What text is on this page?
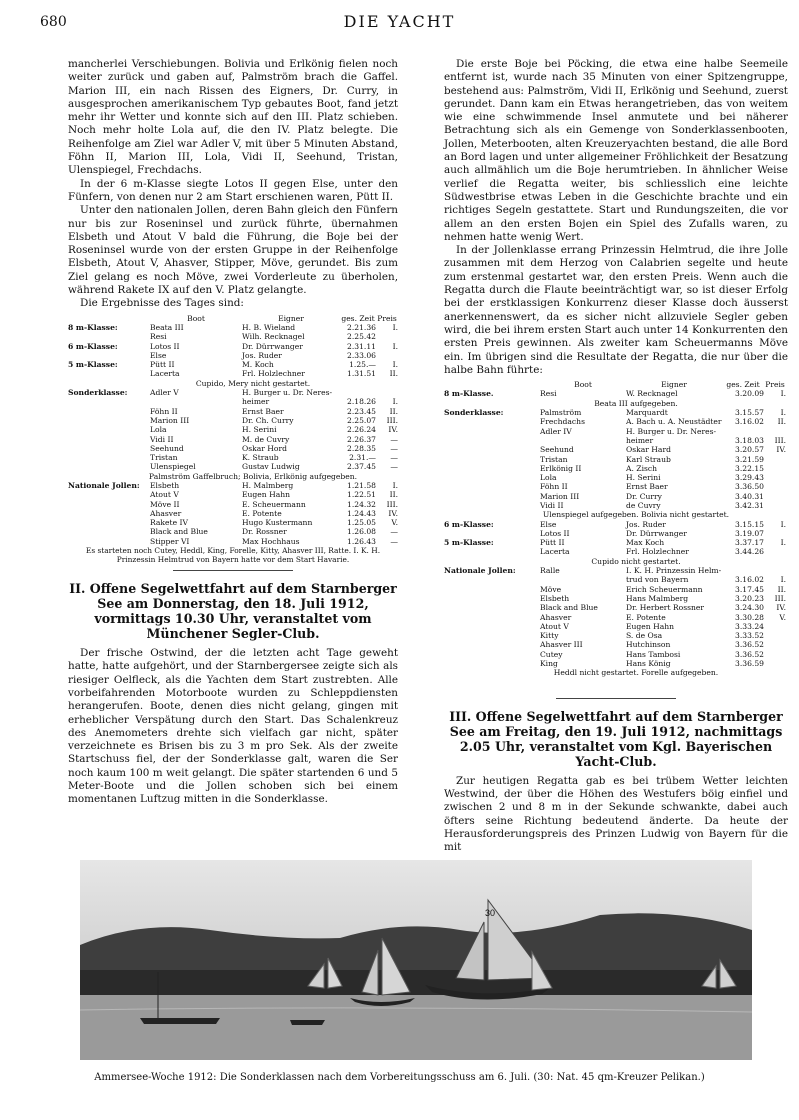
680	DIE YACHT

mancherlei Verschiebungen. Bolivia und Erlkönig fielen noch weiter zurück und gaben auf, Palmström brach die Gaffel. Marion III, ein nach Rissen des Eigners, Dr. Curry, in ausgesprochen amerikanischem Typ gebautes Boot, fand jetzt mehr ihr Wetter und konnte sich auf den III. Platz schieben. Noch mehr holte Lola auf, die den IV. Platz belegte. Die Reihenfolge am Ziel war Adler V, mit über 5 Minuten Abstand, Föhn II, Marion III, Lola, Vidi II, Seehund, Tristan, Ulenspiegel, Frechdachs.

In der 6 m-Klasse siegte Lotos II gegen Else, unter den Fünfern, von denen nur 2 am Start erschienen waren, Pütt II.

Unter den nationalen Jollen, deren Bahn gleich den Fünfern nur bis zur Roseninsel und zurück führte, übernahmen Elsbeth und Atout V bald die Führung, die Boje bei der Roseninsel wurde von der ersten Gruppe in der Reihenfolge Elsbeth, Atout V, Ahasver, Stipper, Möve, gerundet. Bis zum Ziel gelang es noch Möve, zwei Vorderleute zu überholen, während Rakete IX auf den V. Platz gelangte.

Die Ergebnisse des Tages sind:

Boot	Eigner	ges. Zeit Preis
8 m-Klasse:	Beata III	H. B. Wieland	2.21.36	I.
Resi	Wilh. Recknagel	2.25.42
6 m-Klasse:	Lotos II	Dr. Dürrwanger	2.31.11	I.
Else	Jos. Ruder	2.33.06
5 m-Klasse:	Pütt II	M. Koch	1.25.—	I.
Lacerta	Frl. Holzlechner	1.31.51	II.
Cupido, Mery nicht gestartet.
Sonderklasse:	Adler V	H. Burger u. Dr. Neres-
heimer	2.18.26	I.
Föhn II	Ernst Baer	2.23.45	II.
Marion III	Dr. Ch. Curry	2.25.07	III.
Lola	H. Serini	2.26.24	IV.
Vidi II	M. de Cuvry	2.26.37	—
Seehund	Oskar Hord	2.28.35	—
Tristan	K. Straub	2.31.—	—
Ulenspiegel	Gustav Ludwig	2.37.45	—
Palmström Gaffelbruch; Bolivia, Erlkönig aufgegeben.
Nationale Jollen:	Elsbeth	H. Malmberg	1.21.58	I.
Atout V	Eugen Hahn	1.22.51	II.
Möve II	E. Scheuermann	1.24.32	III.
Ahasver	E. Potente	1.24.43	IV.
Rakete IV	Hugo Kustermann	1.25.05	V.
Black and Blue	Dr. Rossner	1.26.08	—
Stipper VI	Max Hochhaus	1.26.43	—
Es starteten noch Cutey, Heddl, King, Forelle, Kitty, Ahasver III, Ratte. I. K. H. Prinzessin Helmtrud von Bayern hatte vor dem Start Havarie.
II. Offene Segelwettfahrt auf dem Starnberger See am Donnerstag, den 18. Juli 1912, vormittags 10.30 Uhr, veranstaltet vom Münchener Segler-Club.

Der frische Ostwind, der die letzten acht Tage geweht hatte, hatte aufgehört, und der Starnbergersee zeigte sich als riesiger Oelfleck, als die Yachten dem Start zustrebten. Alle vorbeifahrenden Motorboote wurden zu Schleppdiensten herangerufen. Boote, denen dies nicht gelang, gingen mit erheblicher Verspätung durch den Start. Das Schalenkreuz des Anemometers drehte sich vielfach gar nicht, später verzeichnete es Brisen bis zu 3 m pro Sek. Als der zweite Startschuss fiel, der der Sonderklasse galt, waren die Ser noch kaum 100 m weit gelangt. Die später startenden 6 und 5 Meter-Boote und die Jollen schoben sich bei einem momentanen Luftzug mitten in die Sonderklasse.

Die erste Boje bei Pöcking, die etwa eine halbe Seemeile entfernt ist, wurde nach 35 Minuten von einer Spitzengruppe, bestehend aus: Palmström, Vidi II, Erlkönig und Seehund, zuerst gerundet. Dann kam ein Etwas herangetrieben, das von weitem wie eine schwimmende Insel anmutete und bei näherer Betrachtung sich als ein Gemenge von Sonderklassenbooten, Jollen, Meterbooten, alten Kreuzeryachten bestand, die alle Bord an Bord lagen und unter allgemeiner Fröhlichkeit der Besatzung auch allmählich um die Boje herumtrieben. In ähnlicher Weise verlief die Regatta weiter, bis schliesslich eine leichte Südwestbrise etwas Leben in die Geschichte brachte und ein richtiges Segeln gestattete. Start und Rundungszeiten, die vor allem an den ersten Bojen ein Spiel des Zufalls waren, zu nehmen hatte wenig Wert.

In der Jollenklasse errang Prinzessin Helmtrud, die ihre Jolle zusammen mit dem Herzog von Calabrien segelte und heute zum erstenmal gestartet war, den ersten Preis. Wenn auch die Regatta durch die Flaute beeinträchtigt war, so ist dieser Erfolg bei der erstklassigen Konkurrenz dieser Klasse doch äusserst anerkennenswert, da es sicher nicht allzuviele Segler geben wird, die bei ihrem ersten Start auch unter 14 Konkurrenten den ersten Preis gewinnen. Als zweiter kam Scheuermanns Möve ein. Im übrigen sind die Resultate der Regatta, die nur über die halbe Bahn führte:

Boot	Eigner	ges. Zeit Preis
8 m-Klasse.	Resi	W. Recknagel	3.20.09	I.
Beata III aufgegeben.
Sonderklasse:	Palmström	Marquardt	3.15.57	I.
Frechdachs	A. Bach u. A. Neustädter	3.16.02	II.
Adler IV	H. Burger u. Dr. Neres-
heimer	3.18.03	III.
Seehund	Oskar Hard	3.20.57	IV.
Tristan	Karl Straub	3.21.59
Erlkönig II	A. Zisch	3.22.15
Lola	H. Serini	3.29.43
Föhn II	Ernst Baer	3.36.50
Marion III	Dr. Curry	3.40.31
Vidi II	de Cuvry	3.42.31
Ulenspiegel aufgegeben. Bolivia nicht gestartet.
6 m-Klasse:	Else	Jos. Ruder	3.15.15	I.
Lotos II	Dr. Dürrwanger	3.19.07
5 m-Klasse:	Pütt II	Max Koch	3.37.17	I.
Lacerta	Frl. Holzlechner	3.44.26
Cupido nicht gestartet.
Nationale Jollen:	Ralle	I. K. H. Prinzessin Helm-
trud von Bayern	3.16.02	I.
Möve	Erich Scheuermann	3.17.45	II.
Elsbeth	Hans Malmberg	3.20.23	III.
Black and Blue	Dr. Herbert Rossner	3.24.30	IV.
Ahasver	E. Potente	3.30.28	V.
Atout V	Eugen Hahn	3.33.24
Kitty	S. de Osa	3.33.52
Ahasver III	Hutchinson	3.36.52
Cutey	Hans Tambosi	3.36.52
King	Hans König	3.36.59
Heddl nicht gestartet. Forelle aufgegeben.
III. Offene Segelwettfahrt auf dem Starnberger See am Freitag, den 19. Juli 1912, nachmittags 2.05 Uhr, veranstaltet vom Kgl. Bayerischen Yacht-Club.

Zur heutigen Regatta gab es bei trübem Wetter leichten Westwind, der über die Höhen des Westufers böig einfiel und zwischen 2 und 8 m in der Sekunde schwankte, dabei auch öfters seine Richtung bedeutend änderte. Da heute der Herausforderungspreis des Prinzen Ludwig von Bayern für die mit

30
Ammersee-Woche 1912: Die Sonderklassen nach dem Vorbereitungsschuss am 6. Juli. (30: Nat. 45 qm-Kreuzer Pelikan.)
